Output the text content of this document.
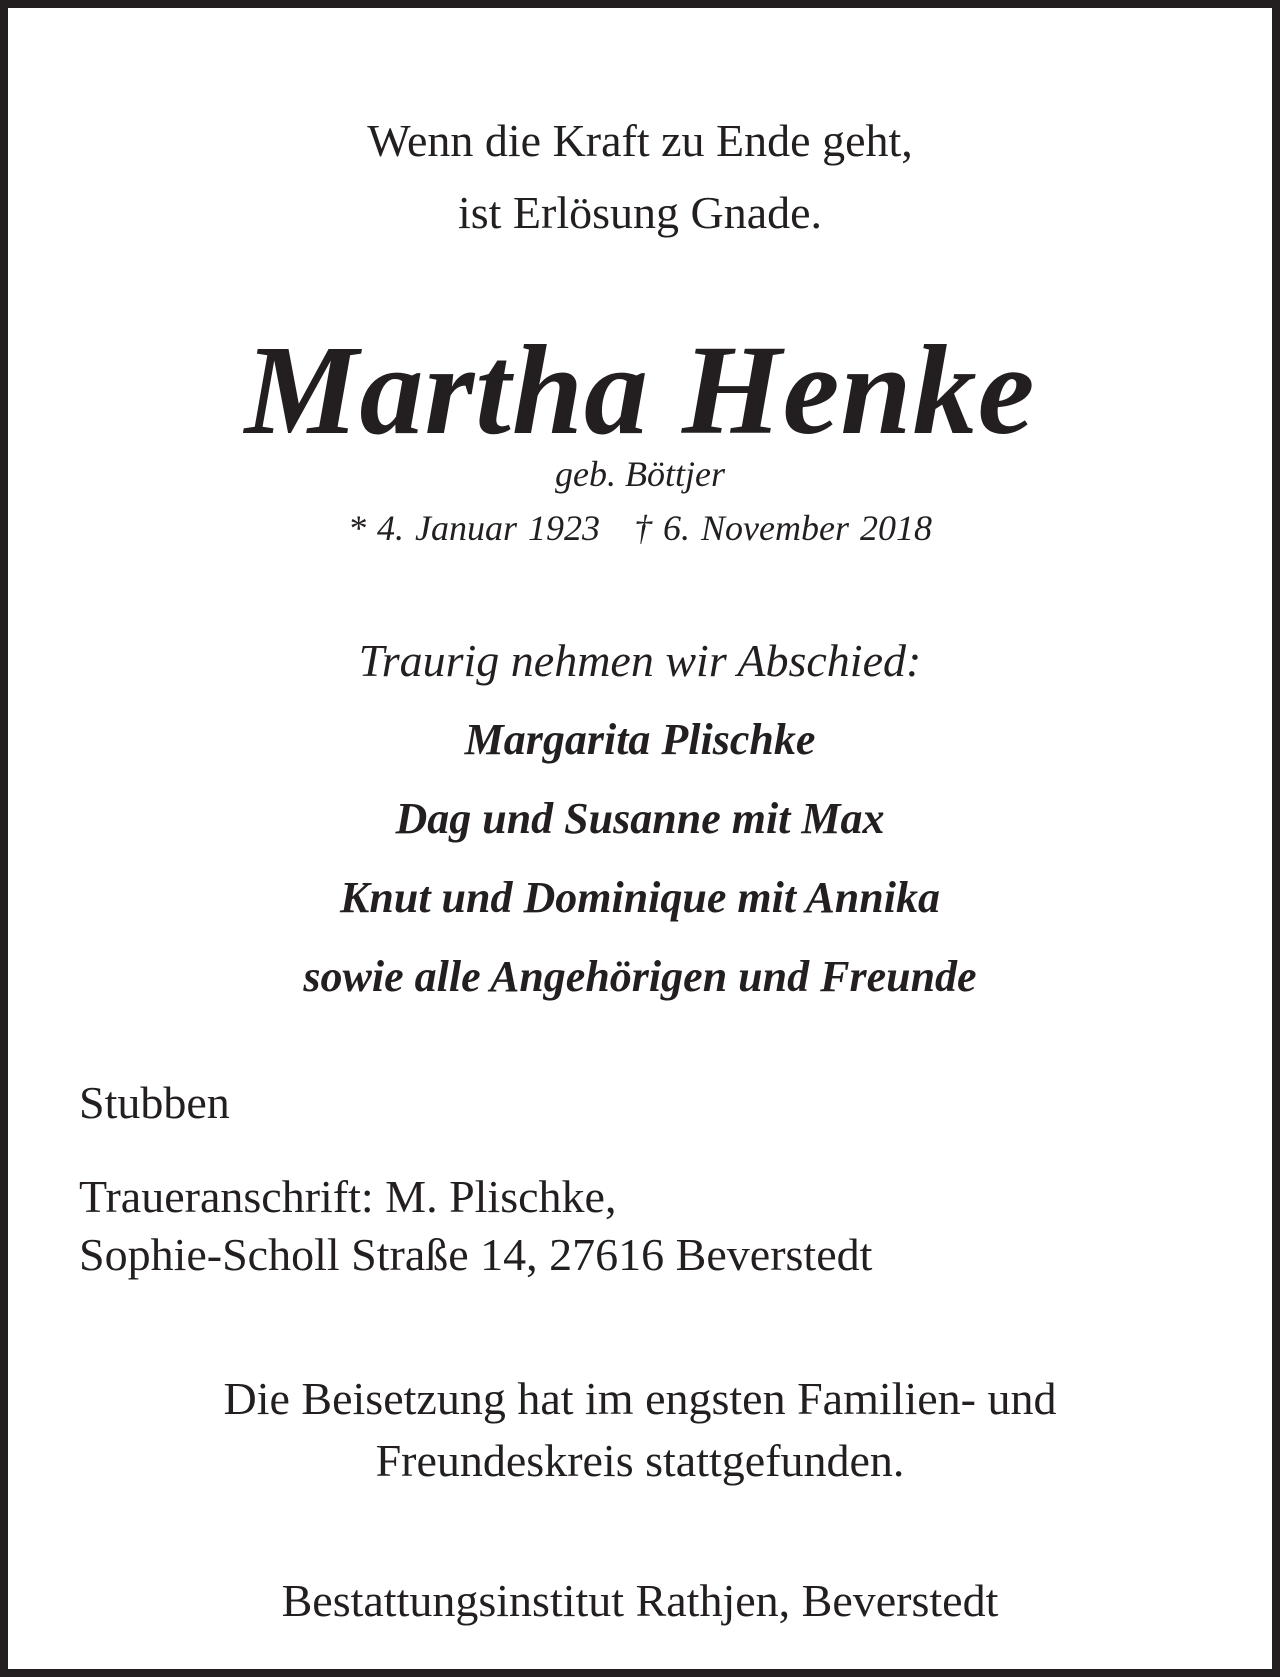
Wenn die Kraft zu Ende geht,
ist Erlösung Gnade.
Martha Henke
geb. Böttjer
* 4. Januar 1923 † 6. November 2018
Traurig nehmen wir Abschied:
Margarita Plischke
Dag und Susanne mit Max
Knut und Dominique mit Annika
sowie alle Angehörigen und Freunde
Stubben
Traueranschrift: M. Plischke,
Sophie-Scholl Straße 14, 27616 Beverstedt
Die Beisetzung hat im engsten Familien- und
Freundeskreis stattgefunden.
Bestattungsinstitut Rathjen, Beverstedt
